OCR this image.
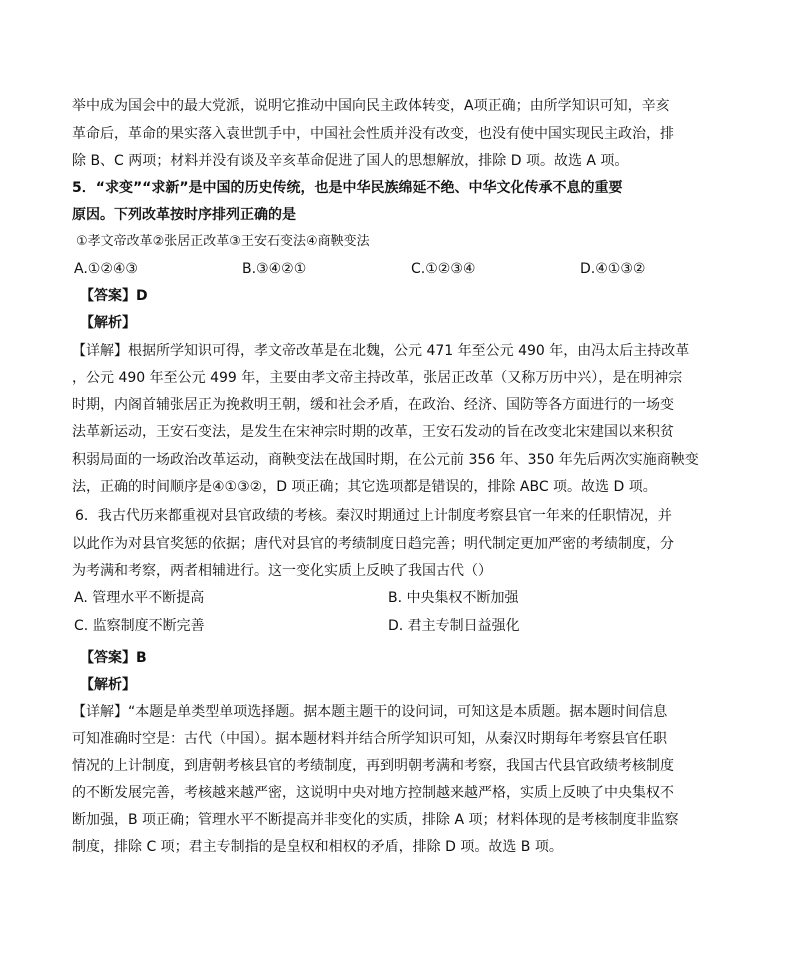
举中成为国会中的最大党派，说明它推动中国向民主政体转变，A项正确；由所学知识可知，辛亥
革命后，革命的果实落入袁世凯手中，中国社会性质并没有改变，也没有使中国实现民主政治，排
除 B、C 两项；材料并没有谈及辛亥革命促进了国人的思想解放，排除 D 项。故选 A 项。
5．“求变”“求新”是中国的历史传统，也是中华民族绵延不绝、中华文化传承不息的重要
原因。下列改革按时序排列正确的是
①孝文帝改革②张居正改革③王安石变法④商鞅变法
A.①②④③	B.③④②①	C.①②③④	D.④①③②
【答案】D
【解析】
【详解】根据所学知识可得，孝文帝改革是在北魏，公元 471 年至公元 490 年，由冯太后主持改革
，公元 490 年至公元 499 年，主要由孝文帝主持改革，张居正改革（又称万历中兴），是在明神宗
时期，内阁首辅张居正为挽救明王朝，缓和社会矛盾，在政治、经济、国防等各方面进行的一场变
法革新运动，王安石变法，是发生在宋神宗时期的改革，王安石发动的旨在改变北宋建国以来积贫
积弱局面的一场政治改革运动，商鞅变法在战国时期，在公元前 356 年、350 年先后两次实施商鞅变
法，正确的时间顺序是④①③②，D 项正确；其它选项都是错误的，排除 ABC 项。故选 D 项。
6．我古代历来都重视对县官政绩的考核。秦汉时期通过上计制度考察县官一年来的任职情况，并
以此作为对县官奖惩的依据；唐代对县官的考绩制度日趋完善；明代制定更加严密的考绩制度，分
为考满和考察，两者相辅进行。这一变化实质上反映了我国古代（）
A. 管理水平不断提高	B. 中央集权不断加强
C. 监察制度不断完善	D. 君主专制日益强化
【答案】B
【解析】
【详解】“本题是单类型单项选择题。据本题主题干的设问词，可知这是本质题。据本题时间信息
可知准确时空是：古代（中国）。据本题材料并结合所学知识可知，从秦汉时期每年考察县官任职
情况的上计制度，到唐朝考核县官的考绩制度，再到明朝考满和考察，我国古代县官政绩考核制度
的不断发展完善，考核越来越严密，这说明中央对地方控制越来越严格，实质上反映了中央集权不
断加强，B 项正确；管理水平不断提高并非变化的实质，排除 A 项；材料体现的是考核制度非监察
制度，排除 C 项；君主专制指的是皇权和相权的矛盾，排除 D 项。故选 B 项。
